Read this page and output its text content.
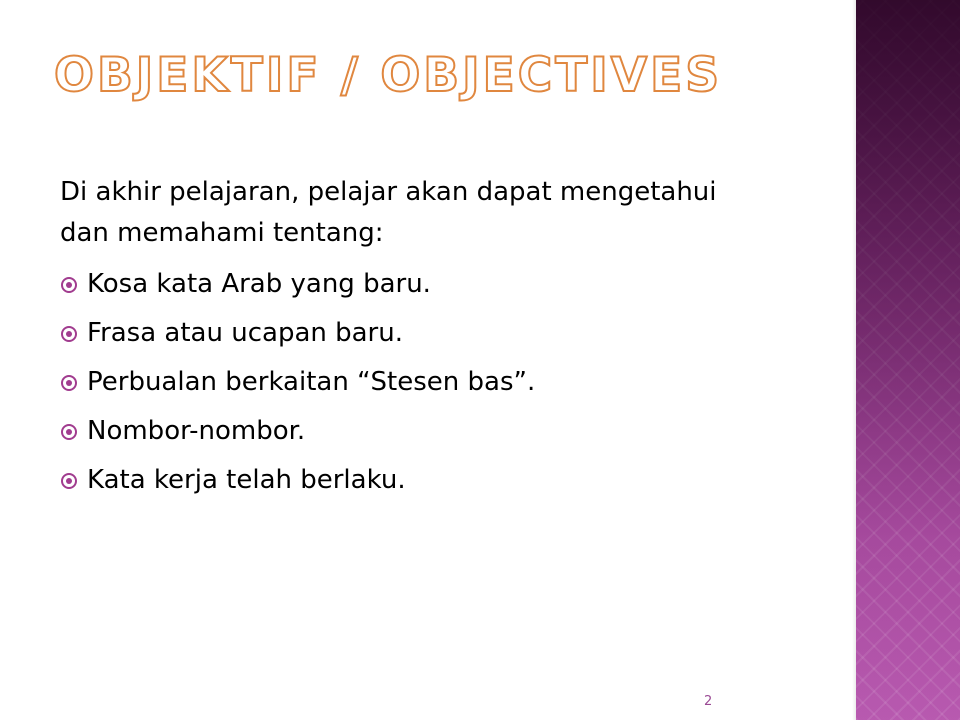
OBJEKTIF / OBJECTIVES

Di akhir pelajaran, pelajar akan dapat mengetahui
dan memahami tentang:

Kosa kata Arab yang baru.
Frasa atau ucapan baru.
Perbualan berkaitan “Stesen bas”.
Nombor-nombor.
Kata kerja telah berlaku.
2
